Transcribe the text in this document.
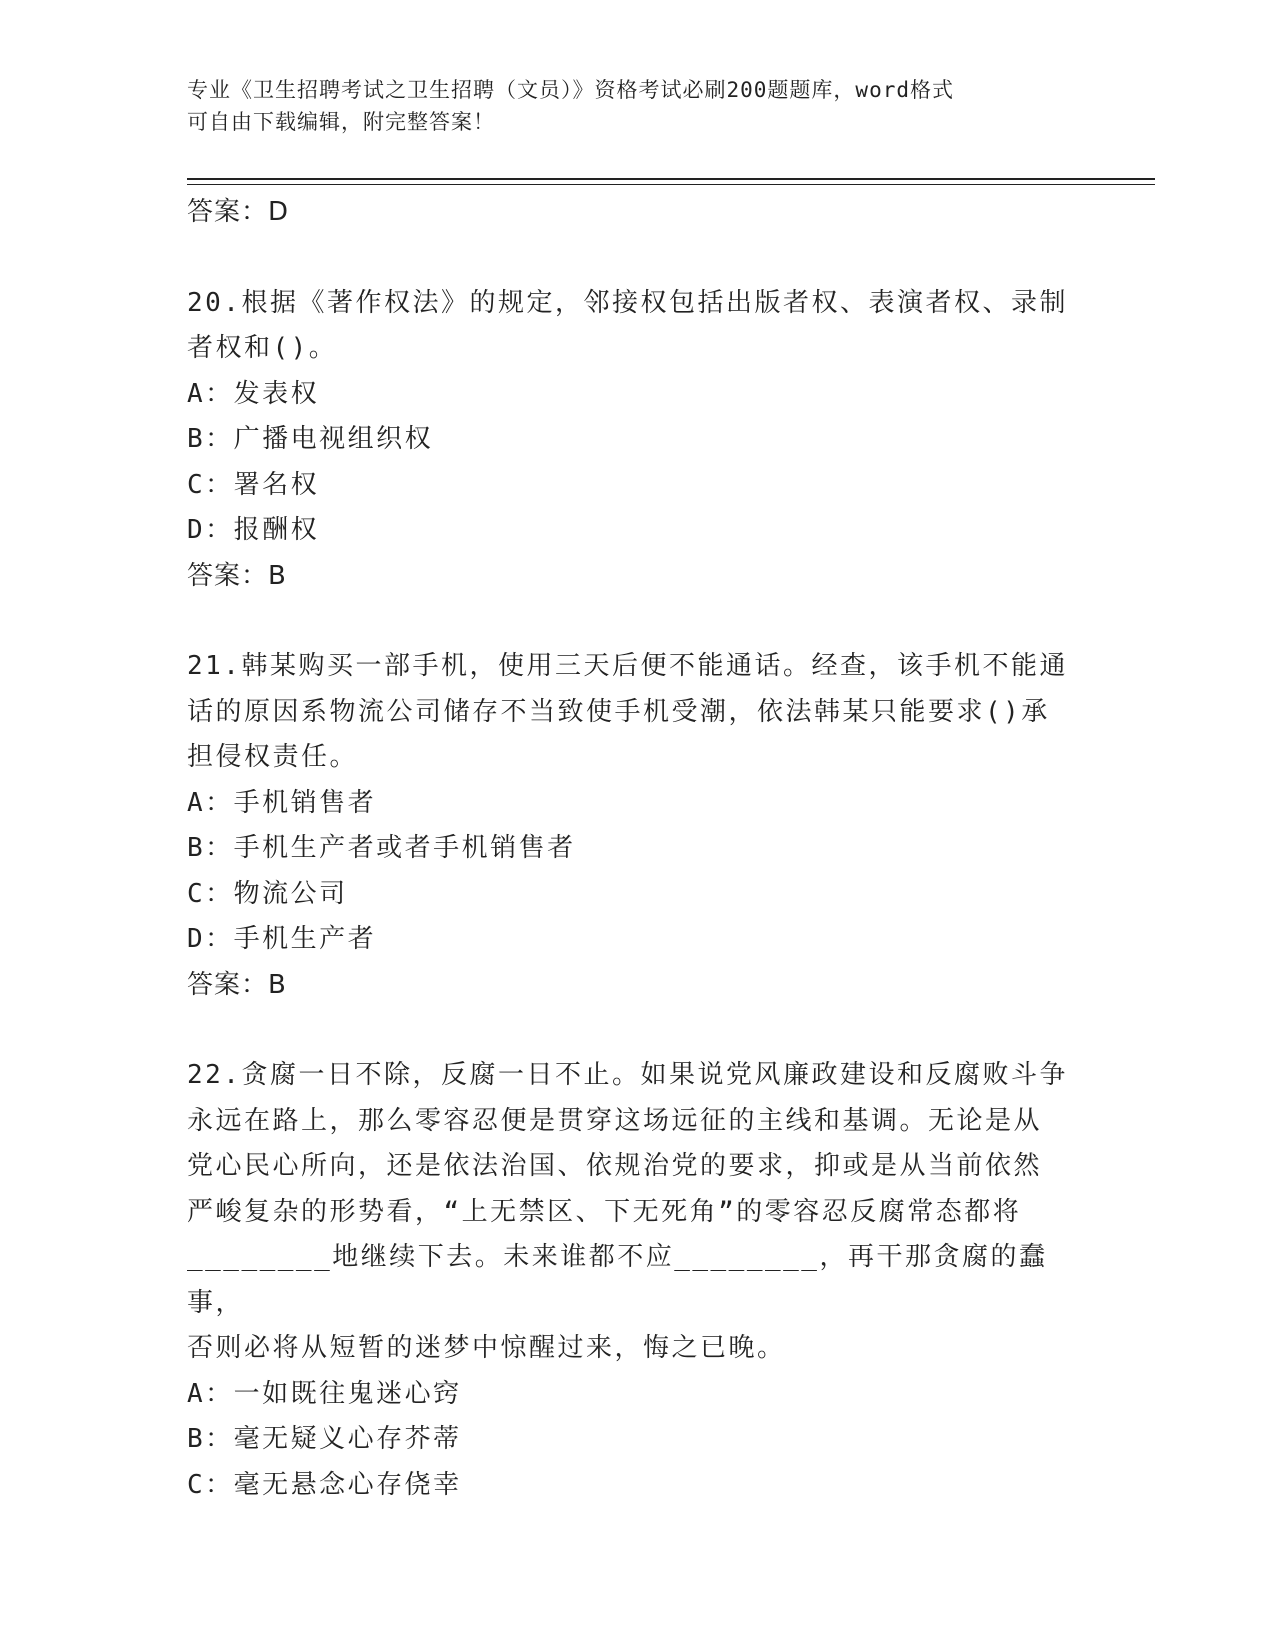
专业《卫生招聘考试之卫生招聘（文员）》资格考试必刷200题题库，word格式

可自由下载编辑，附完整答案！

答案：D

20.根据《著作权法》的规定，邻接权包括出版者权、表演者权、录制

者权和()。

A：发表权

B：广播电视组织权

C：署名权

D：报酬权

答案：B

21.韩某购买一部手机，使用三天后便不能通话。经查，该手机不能通

话的原因系物流公司储存不当致使手机受潮，依法韩某只能要求()承

担侵权责任。

A：手机销售者

B：手机生产者或者手机销售者

C：物流公司

D：手机生产者

答案：B

22.贪腐一日不除，反腐一日不止。如果说党风廉政建设和反腐败斗争

永远在路上，那么零容忍便是贯穿这场远征的主线和基调。无论是从

党心民心所向，还是依法治国、依规治党的要求，抑或是从当前依然

严峻复杂的形势看，“上无禁区、下无死角”的零容忍反腐常态都将

________地继续下去。未来谁都不应________，再干那贪腐的蠢事，

否则必将从短暂的迷梦中惊醒过来，悔之已晚。

A：一如既往鬼迷心窍

B：毫无疑义心存芥蒂

C：毫无悬念心存侥幸
